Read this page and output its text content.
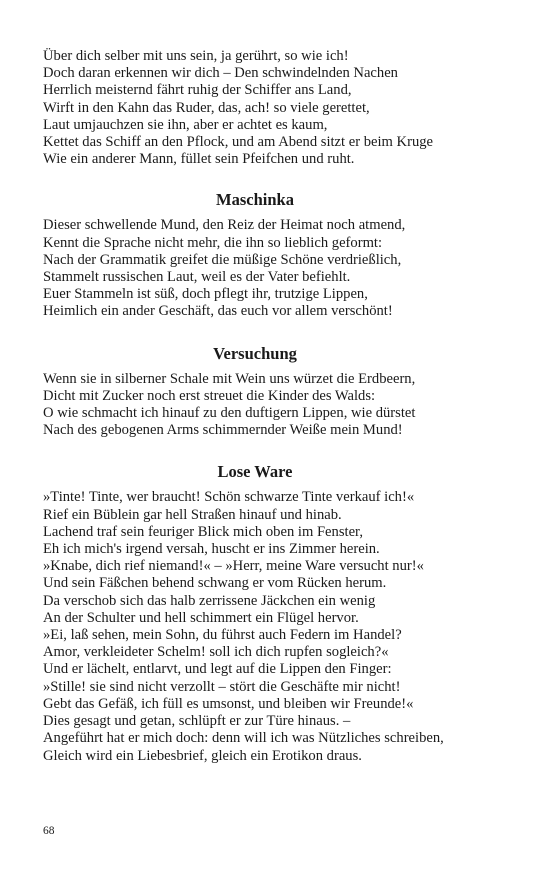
Über dich selber mit uns sein, ja gerührt, so wie ich!
Doch daran erkennen wir dich – Den schwindelnden Nachen
Herrlich meisternd fährt ruhig der Schiffer ans Land,
Wirft in den Kahn das Ruder, das, ach! so viele gerettet,
Laut umjauchzen sie ihn, aber er achtet es kaum,
Kettet das Schiff an den Pflock, und am Abend sitzt er beim Kruge
Wie ein anderer Mann, füllet sein Pfeifchen und ruht.
Maschinka
Dieser schwellende Mund, den Reiz der Heimat noch atmend,
Kennt die Sprache nicht mehr, die ihn so lieblich geformt:
Nach der Grammatik greifet die müßige Schöne verdrießlich,
Stammelt russischen Laut, weil es der Vater befiehlt.
Euer Stammeln ist süß, doch pflegt ihr, trutzige Lippen,
Heimlich ein ander Geschäft, das euch vor allem verschönt!
Versuchung
Wenn sie in silberner Schale mit Wein uns würzet die Erdbeern,
Dicht mit Zucker noch erst streuet die Kinder des Walds:
O wie schmacht ich hinauf zu den duftigern Lippen, wie dürstet
Nach des gebogenen Arms schimmernder Weiße mein Mund!
Lose Ware
»Tinte! Tinte, wer braucht! Schön schwarze Tinte verkauf ich!«
Rief ein Büblein gar hell Straßen hinauf und hinab.
Lachend traf sein feuriger Blick mich oben im Fenster,
Eh ich mich's irgend versah, huscht er ins Zimmer herein.
»Knabe, dich rief niemand!« – »Herr, meine Ware versucht nur!«
Und sein Fäßchen behend schwang er vom Rücken herum.
Da verschob sich das halb zerrissene Jäckchen ein wenig
An der Schulter und hell schimmert ein Flügel hervor.
»Ei, laß sehen, mein Sohn, du führst auch Federn im Handel?
Amor, verkleideter Schelm! soll ich dich rupfen sogleich?«
Und er lächelt, entlarvt, und legt auf die Lippen den Finger:
»Stille! sie sind nicht verzollt – stört die Geschäfte mir nicht!
Gebt das Gefäß, ich füll es umsonst, und bleiben wir Freunde!«
Dies gesagt und getan, schlüpft er zur Türe hinaus. –
Angeführt hat er mich doch: denn will ich was Nützliches schreiben,
Gleich wird ein Liebesbrief, gleich ein Erotikon draus.
68
